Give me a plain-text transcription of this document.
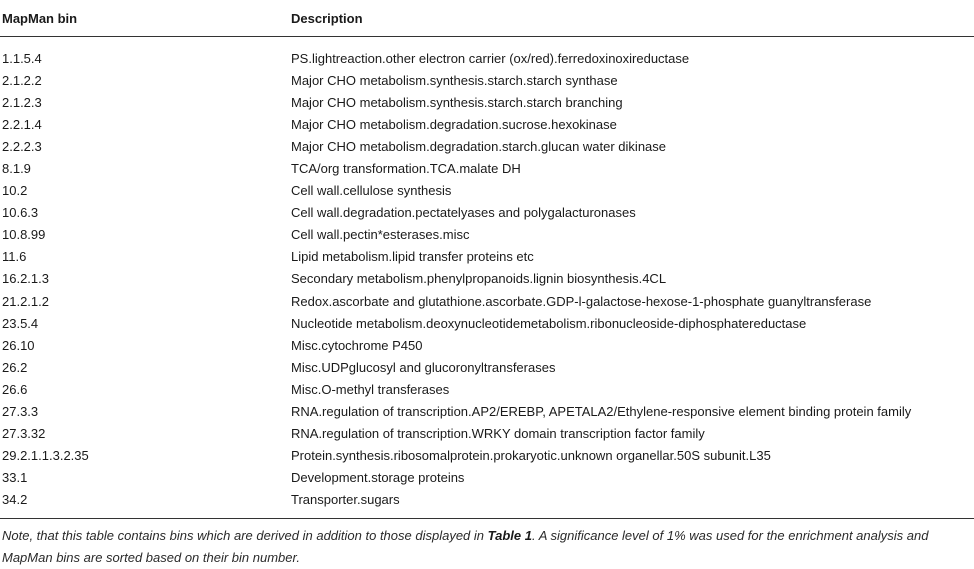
MapMan bin	Description
1.1.5.4	PS.lightreaction.other electron carrier (ox/red).ferredoxinoxireductase
2.1.2.2	Major CHO metabolism.synthesis.starch.starch synthase
2.1.2.3	Major CHO metabolism.synthesis.starch.starch branching
2.2.1.4	Major CHO metabolism.degradation.sucrose.hexokinase
2.2.2.3	Major CHO metabolism.degradation.starch.glucan water dikinase
8.1.9	TCA/org transformation.TCA.malate DH
10.2	Cell wall.cellulose synthesis
10.6.3	Cell wall.degradation.pectatelyases and polygalacturonases
10.8.99	Cell wall.pectin*esterases.misc
11.6	Lipid metabolism.lipid transfer proteins etc
16.2.1.3	Secondary metabolism.phenylpropanoids.lignin biosynthesis.4CL
21.2.1.2	Redox.ascorbate and glutathione.ascorbate.GDP-l-galactose-hexose-1-phosphate guanyltransferase
23.5.4	Nucleotide metabolism.deoxynucleotidemetabolism.ribonucleoside-diphosphatereductase
26.10	Misc.cytochrome P450
26.2	Misc.UDPglucosyl and glucoronyltransferases
26.6	Misc.O-methyl transferases
27.3.3	RNA.regulation of transcription.AP2/EREBP, APETALA2/Ethylene-responsive element binding protein family
27.3.32	RNA.regulation of transcription.WRKY domain transcription factor family
29.2.1.1.3.2.35	Protein.synthesis.ribosomalprotein.prokaryotic.unknown organellar.50S subunit.L35
33.1	Development.storage proteins
34.2	Transporter.sugars
Note, that this table contains bins which are derived in addition to those displayed in Table 1. A significance level of 1% was used for the enrichment analysis and MapMan bins are sorted based on their bin number.
